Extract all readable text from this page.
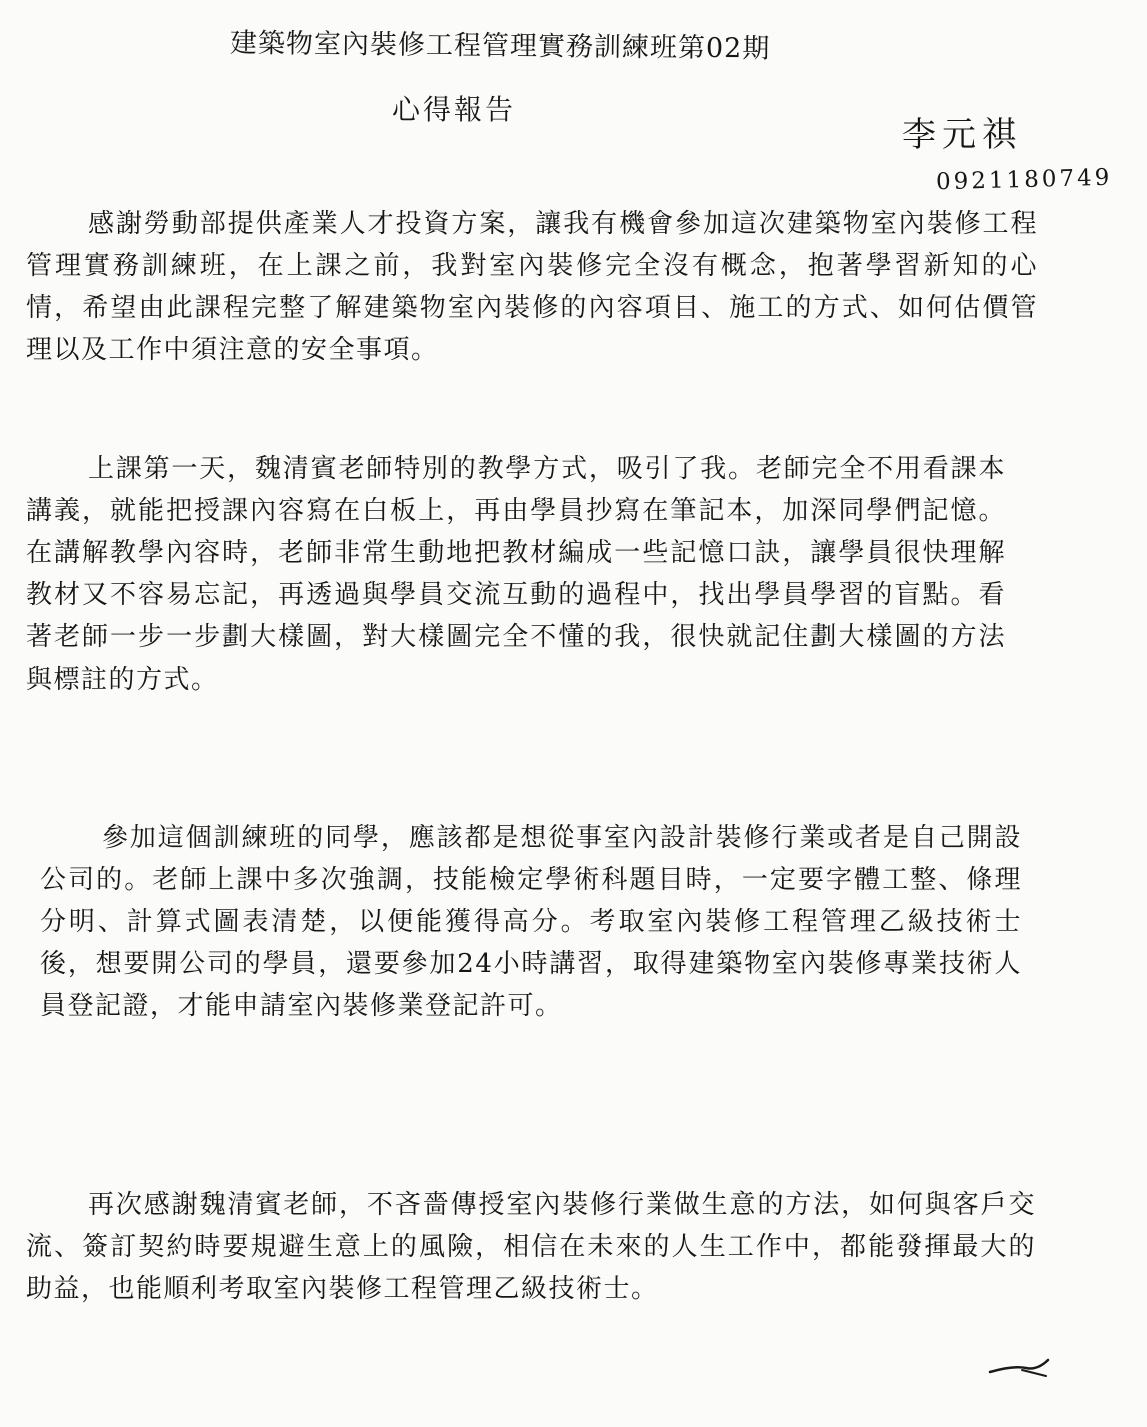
建築物室內裝修工程管理實務訓練班第02期
心得報告
李元祺
0921180749

感謝勞動部提供產業人才投資方案，讓我有機會參加這次建築物室內裝修工程管理實務訓練班，在上課之前，我對室內裝修完全沒有概念，抱著學習新知的心情，希望由此課程完整了解建築物室內裝修的內容項目、施工的方式、如何估價管理以及工作中須注意的安全事項。

上課第一天，魏清賓老師特別的教學方式，吸引了我。老師完全不用看課本講義，就能把授課內容寫在白板上，再由學員抄寫在筆記本，加深同學們記憶。在講解教學內容時，老師非常生動地把教材編成一些記憶口訣，讓學員很快理解教材又不容易忘記，再透過與學員交流互動的過程中，找出學員學習的盲點。看著老師一步一步劃大樣圖，對大樣圖完全不懂的我，很快就記住劃大樣圖的方法與標註的方式。

參加這個訓練班的同學，應該都是想從事室內設計裝修行業或者是自己開設公司的。老師上課中多次強調，技能檢定學術科題目時，一定要字體工整、條理分明、計算式圖表清楚，以便能獲得高分。考取室內裝修工程管理乙級技術士後，想要開公司的學員，還要參加24小時講習，取得建築物室內裝修專業技術人員登記證，才能申請室內裝修業登記許可。

再次感謝魏清賓老師，不吝嗇傳授室內裝修行業做生意的方法，如何與客戶交流、簽訂契約時要規避生意上的風險，相信在未來的人生工作中，都能發揮最大的助益，也能順利考取室內裝修工程管理乙級技術士。
